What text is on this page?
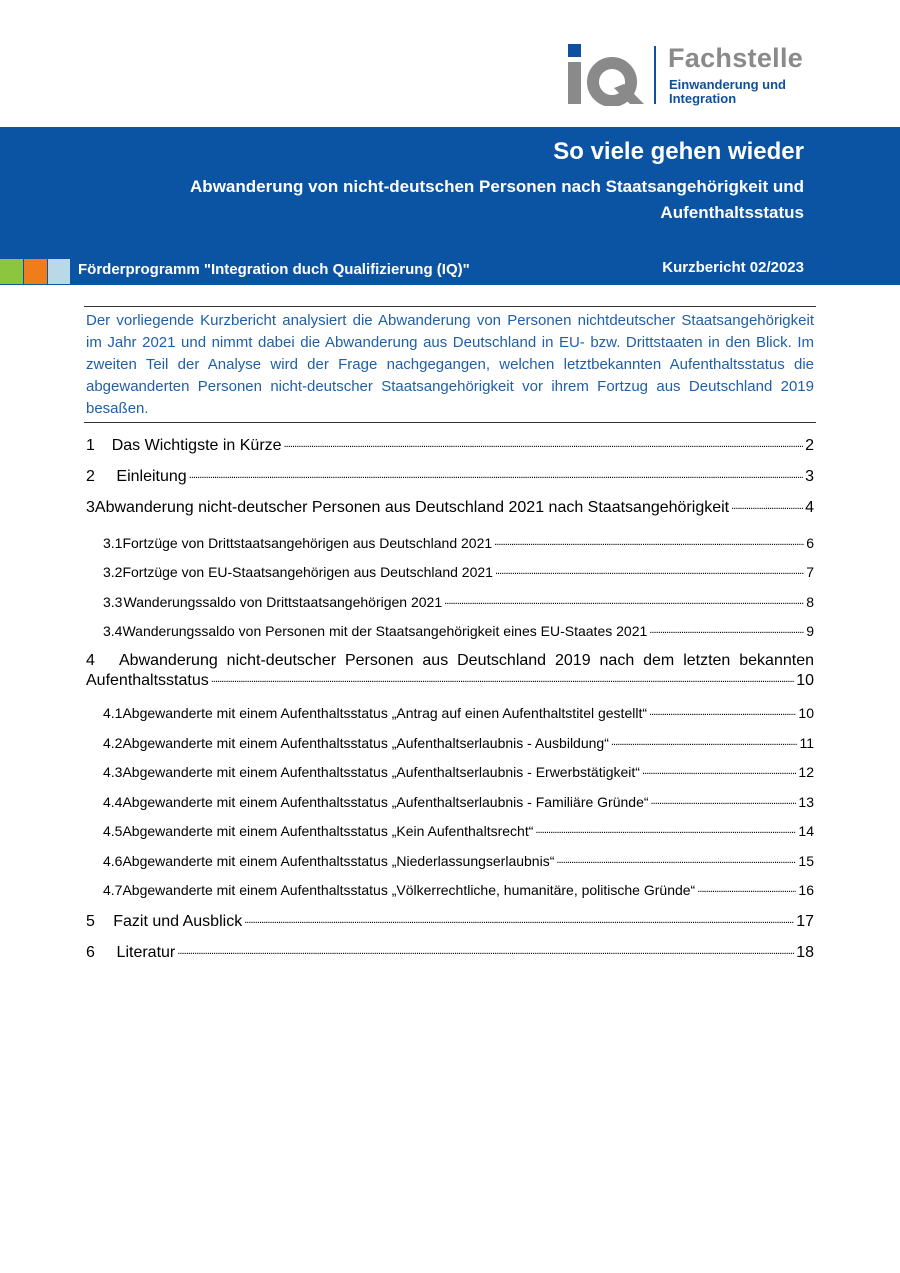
Fachstelle
Einwanderung und
Integration
So viele gehen wieder
Abwanderung von nicht-deutschen Personen nach Staatsangehörigkeit und Aufenthaltsstatus
Förderprogramm "Integration duch Qualifizierung (IQ)"	Kurzbericht 02/2023

Der vorliegende Kurzbericht analysiert die Abwanderung von Personen nichtdeutscher Staatsangehörigkeit im Jahr 2021 und nimmt dabei die Abwanderung aus Deutschland in EU- bzw. Drittstaaten in den Blick. Im zweiten Teil der Analyse wird der Frage nachgegangen, welchen letztbekannten Aufenthaltsstatus die abgewanderten Personen nicht-deutscher Staatsangehörigkeit vor ihrem Fortzug aus Deutschland 2019 besaßen.

1	Das Wichtigste in Kürze . . .	2
2	Einleitung . . .	3
3 Abwanderung nicht-deutscher Personen aus Deutschland 2021 nach Staatsangehörigkeit . . .	4
3.1 Fortzüge von Drittstaatsangehörigen aus Deutschland 2021 . . .	6
3.2 Fortzüge von EU-Staatsangehörigen aus Deutschland 2021 . . .	7
3.3 Wanderungssaldo von Drittstaatsangehörigen 2021 . . .	8
3.4 Wanderungssaldo von Personen mit der Staatsangehörigkeit eines EU-Staates 2021 . . .	9
4	Abwanderung nicht-deutscher Personen aus Deutschland 2019 nach dem letzten bekannten
Aufenthaltsstatus . . .	10
4.1 Abgewanderte mit einem Aufenthaltsstatus „Antrag auf einen Aufenthaltstitel gestellt“ . . .	10
4.2 Abgewanderte mit einem Aufenthaltsstatus „Aufenthaltserlaubnis - Ausbildung“ . . .	11
4.3 Abgewanderte mit einem Aufenthaltsstatus „Aufenthaltserlaubnis - Erwerbstätigkeit“ . . .	12
4.4 Abgewanderte mit einem Aufenthaltsstatus „Aufenthaltserlaubnis - Familiäre Gründe“ . . .	13
4.5 Abgewanderte mit einem Aufenthaltsstatus „Kein Aufenthaltsrecht“ . . .	14
4.6 Abgewanderte mit einem Aufenthaltsstatus „Niederlassungserlaubnis“ . . .	15
4.7 Abgewanderte mit einem Aufenthaltsstatus „Völkerrechtliche, humanitäre, politische Gründe“ . . .	16
5	Fazit und Ausblick . . .	17
6	Literatur . . .	18
